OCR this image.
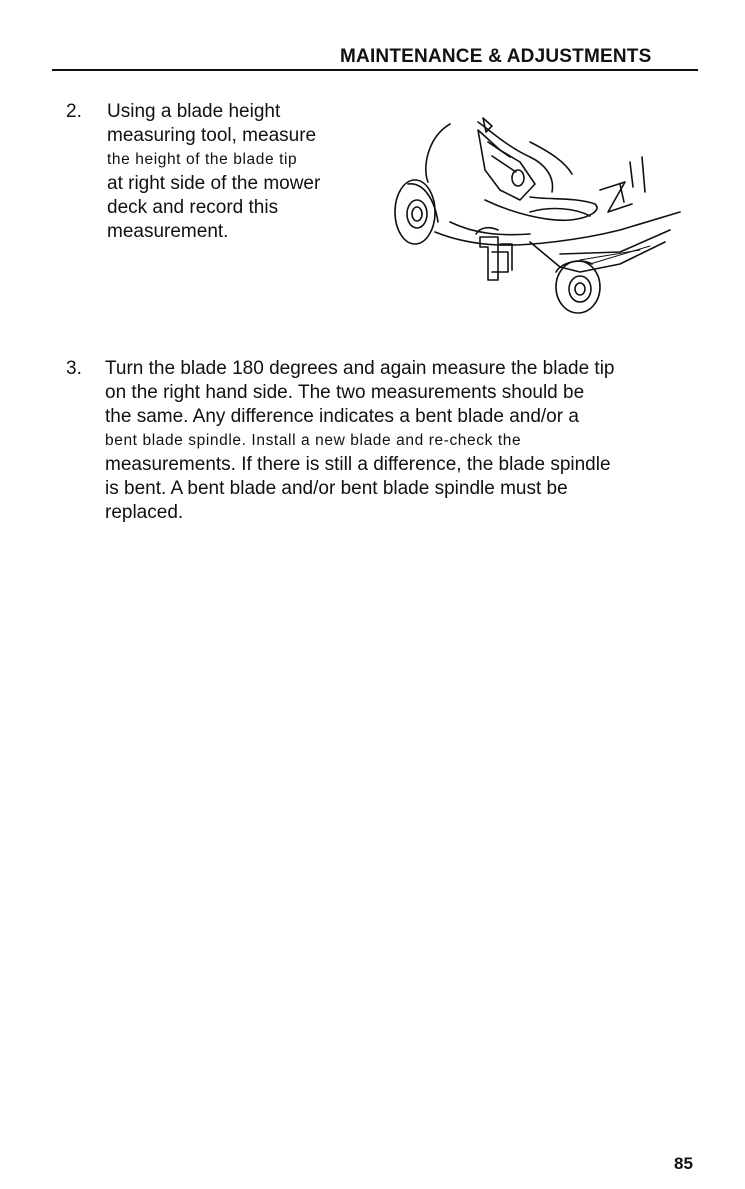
MAINTENANCE & ADJUSTMENTS
2. Using a blade height
measuring tool, measure
the height of the blade tip
at right side of the mower
deck and record this
measurement.
3. Turn the blade 180 degrees and again measure the blade tip
on the right hand side. The two measurements should be
the same. Any difference indicates a bent blade and/or a
bent blade spindle. Install a new blade and re-check the
measurements. If there is still a difference, the blade spindle
is bent. A bent blade and/or bent blade spindle must be
replaced.
85
